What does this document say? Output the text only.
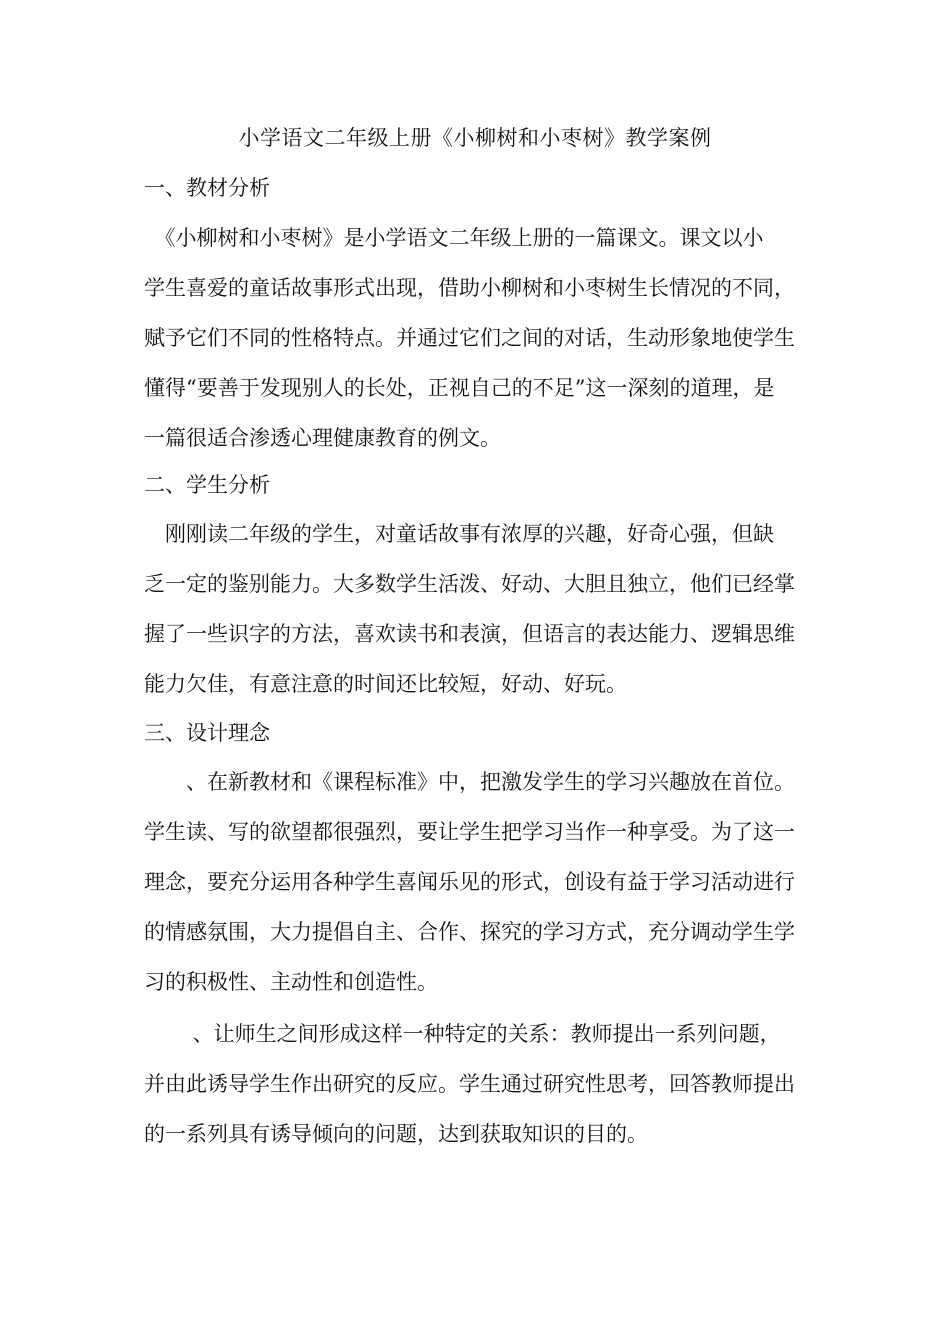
小学语文二年级上册《小柳树和小枣树》教学案例
一、教材分析
　《小柳树和小枣树》是小学语文二年级上册的一篇课文。课文以小
学生喜爱的童话故事形式出现，借助小柳树和小枣树生长情况的不同，
赋予它们不同的性格特点。并通过它们之间的对话，生动形象地使学生
懂得“要善于发现别人的长处，正视自己的不足”这一深刻的道理，是
一篇很适合渗透心理健康教育的例文。
二、学生分析
　刚刚读二年级的学生，对童话故事有浓厚的兴趣，好奇心强，但缺
乏一定的鉴别能力。大多数学生活泼、好动、大胆且独立，他们已经掌
握了一些识字的方法，喜欢读书和表演，但语言的表达能力、逻辑思维
能力欠佳，有意注意的时间还比较短，好动、好玩。
三、设计理念
　　、在新教材和《课程标准》中，把激发学生的学习兴趣放在首位。
学生读、写的欲望都很强烈，要让学生把学习当作一种享受。为了这一
理念，要充分运用各种学生喜闻乐见的形式，创设有益于学习活动进行
的情感氛围，大力提倡自主、合作、探究的学习方式，充分调动学生学
习的积极性、主动性和创造性。
　　 、让师生之间形成这样一种特定的关系：教师提出一系列问题，
并由此诱导学生作出研究的反应。学生通过研究性思考，回答教师提出
的一系列具有诱导倾向的问题，达到获取知识的目的。
